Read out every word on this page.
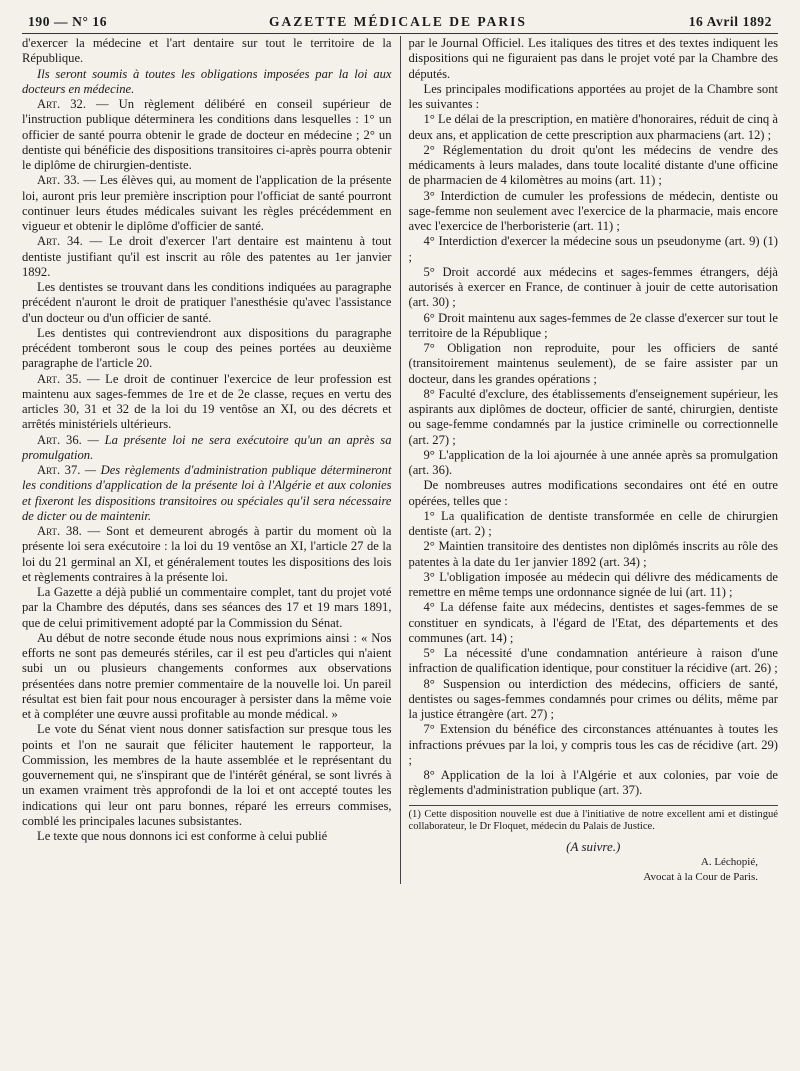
190 — N° 16	GAZETTE MÉDICALE DE PARIS	16 Avril 1892

d'exercer la médecine et l'art dentaire sur tout le territoire de la République.

Ils seront soumis à toutes les obligations imposées par la loi aux docteurs en médecine.

Art. 32. — Un règlement délibéré en conseil supérieur de l'instruction publique déterminera les conditions dans lesquelles : 1° un officier de santé pourra obtenir le grade de docteur en médecine ; 2° un dentiste qui bénéficie des dispositions transitoires ci-après pourra obtenir le diplôme de chirurgien-dentiste.

Art. 33. — Les élèves qui, au moment de l'application de la présente loi, auront pris leur première inscription pour l'officiat de santé pourront continuer leurs études médicales suivant les règles précédemment en vigueur et obtenir le diplôme d'officier de santé.

Art. 34. — Le droit d'exercer l'art dentaire est maintenu à tout dentiste justifiant qu'il est inscrit au rôle des patentes au 1er janvier 1892.

Les dentistes se trouvant dans les conditions indiquées au paragraphe précédent n'auront le droit de pratiquer l'anesthésie qu'avec l'assistance d'un docteur ou d'un officier de santé.

Les dentistes qui contreviendront aux dispositions du paragraphe précédent tomberont sous le coup des peines portées au deuxième paragraphe de l'article 20.

Art. 35. — Le droit de continuer l'exercice de leur profession est maintenu aux sages-femmes de 1re et de 2e classe, reçues en vertu des articles 30, 31 et 32 de la loi du 19 ventôse an XI, ou des décrets et arrêtés ministériels ultérieurs.

Art. 36. — La présente loi ne sera exécutoire qu'un an après sa promulgation.

Art. 37. — Des règlements d'administration publique détermineront les conditions d'application de la présente loi à l'Algérie et aux colonies et fixeront les dispositions transitoires ou spéciales qu'il sera nécessaire de dicter ou de maintenir.

Art. 38. — Sont et demeurent abrogés à partir du moment où la présente loi sera exécutoire : la loi du 19 ventôse an XI, l'article 27 de la loi du 21 germinal an XI, et généralement toutes les dispositions des lois et règlements contraires à la présente loi.

La Gazette a déjà publié un commentaire complet, tant du projet voté par la Chambre des députés, dans ses séances des 17 et 19 mars 1891, que de celui primitivement adopté par la Commission du Sénat.

Au début de notre seconde étude nous nous exprimions ainsi : « Nos efforts ne sont pas demeurés stériles, car il est peu d'articles qui n'aient subi un ou plusieurs changements conformes aux observations présentées dans notre premier commentaire de la nouvelle loi. Un pareil résultat est bien fait pour nous encourager à persister dans la même voie et à compléter une œuvre aussi profitable au monde médical. »

Le vote du Sénat vient nous donner satisfaction sur presque tous les points et l'on ne saurait que féliciter hautement le rapporteur, la Commission, les membres de la haute assemblée et le représentant du gouvernement qui, ne s'inspirant que de l'intérêt général, se sont livrés à un examen vraiment très approfondi de la loi et ont accepté toutes les indications qui leur ont paru bonnes, réparé les erreurs commises, comblé les principales lacunes subsistantes.

Le texte que nous donnons ici est conforme à celui publié

par le Journal Officiel. Les italiques des titres et des textes indiquent les dispositions qui ne figuraient pas dans le projet voté par la Chambre des députés.

Les principales modifications apportées au projet de la Chambre sont les suivantes :

1° Le délai de la prescription, en matière d'honoraires, réduit de cinq à deux ans, et application de cette prescription aux pharmaciens (art. 12) ;

2° Réglementation du droit qu'ont les médecins de vendre des médicaments à leurs malades, dans toute localité distante d'une officine de pharmacien de 4 kilomètres au moins (art. 11) ;

3° Interdiction de cumuler les professions de médecin, dentiste ou sage-femme non seulement avec l'exercice de la pharmacie, mais encore avec l'exercice de l'herboristerie (art. 11) ;

4° Interdiction d'exercer la médecine sous un pseudonyme (art. 9) (1) ;

5° Droit accordé aux médecins et sages-femmes étrangers, déjà autorisés à exercer en France, de continuer à jouir de cette autorisation (art. 30) ;

6° Droit maintenu aux sages-femmes de 2e classe d'exercer sur tout le territoire de la République ;

7° Obligation non reproduite, pour les officiers de santé (transitoirement maintenus seulement), de se faire assister par un docteur, dans les grandes opérations ;

8° Faculté d'exclure, des établissements d'enseignement supérieur, les aspirants aux diplômes de docteur, officier de santé, chirurgien, dentiste ou sage-femme condamnés par la justice criminelle ou correctionnelle (art. 27) ;

9° L'application de la loi ajournée à une année après sa promulgation (art. 36).

De nombreuses autres modifications secondaires ont été en outre opérées, telles que :

1° La qualification de dentiste transformée en celle de chirurgien dentiste (art. 2) ;

2° Maintien transitoire des dentistes non diplômés inscrits au rôle des patentes à la date du 1er janvier 1892 (art. 34) ;

3° L'obligation imposée au médecin qui délivre des médicaments de remettre en même temps une ordonnance signée de lui (art. 11) ;

4° La défense faite aux médecins, dentistes et sages-femmes de se constituer en syndicats, à l'égard de l'Etat, des départements et des communes (art. 14) ;

5° La nécessité d'une condamnation antérieure à raison d'une infraction de qualification identique, pour constituer la récidive (art. 26) ;

8° Suspension ou interdiction des médecins, officiers de santé, dentistes ou sages-femmes condamnés pour crimes ou délits, même par la justice étrangère (art. 27) ;

7° Extension du bénéfice des circonstances atténuantes à toutes les infractions prévues par la loi, y compris tous les cas de récidive (art. 29) ;

8° Application de la loi à l'Algérie et aux colonies, par voie de règlements d'administration publique (art. 37).

(1) Cette disposition nouvelle est due à l'initiative de notre excellent ami et distingué collaborateur, le Dr Floquet, médecin du Palais de Justice.
(A suivre.)
A. Léchopié,
Avocat à la Cour de Paris.
